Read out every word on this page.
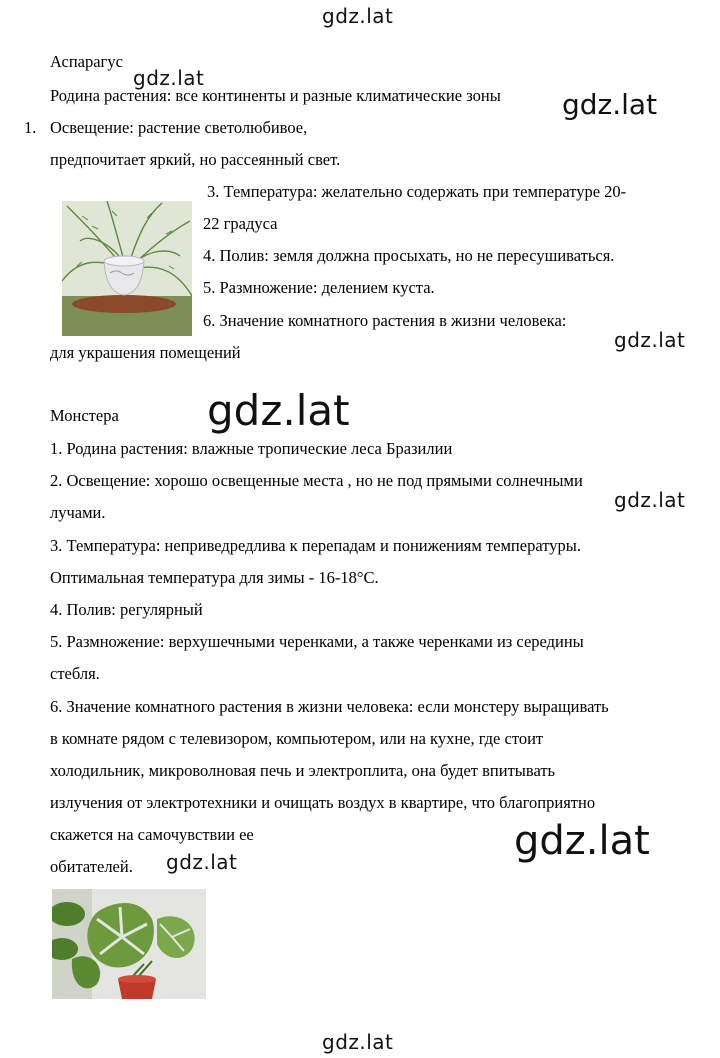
gdz.lat
gdz.lat
gdz.lat
gdz.lat
gdz.lat
gdz.lat
gdz.lat
gdz.lat
gdz.lat
Аспарагус
Родина растения: все континенты и разные климатические зоны
1. Освещение: растение светолюбивое,
предпочитает яркий, но рассеянный свет.
3. Температура: желательно содержать при температуре 20-
22 градуса
4. Полив: земля должна просыхать, но не пересушиваться.
5. Размножение: делением куста.
6. Значение комнатного растения в жизни человека:
для украшения помещений
Монстера
1. Родина растения: влажные тропические леса Бразилии
2. Освещение: хорошо освещенные места , но не под прямыми солнечными
лучами.
3. Температура: неприведредлива к перепадам и понижениям температуры.
Оптимальная температура для зимы - 16-18°С.
4. Полив: регулярный
5. Размножение: верхушечными черенками, а также черенками из середины
стебля.
6. Значение комнатного растения в жизни человека: если монстеру выращивать
в комнате рядом с телевизором, компьютером, или на кухне, где стоит
холодильник, микроволновая печь и электроплита, она будет впитывать
излучения от электротехники и очищать воздух в квартире, что благоприятно
скажется на самочувствии ее
обитателей.
